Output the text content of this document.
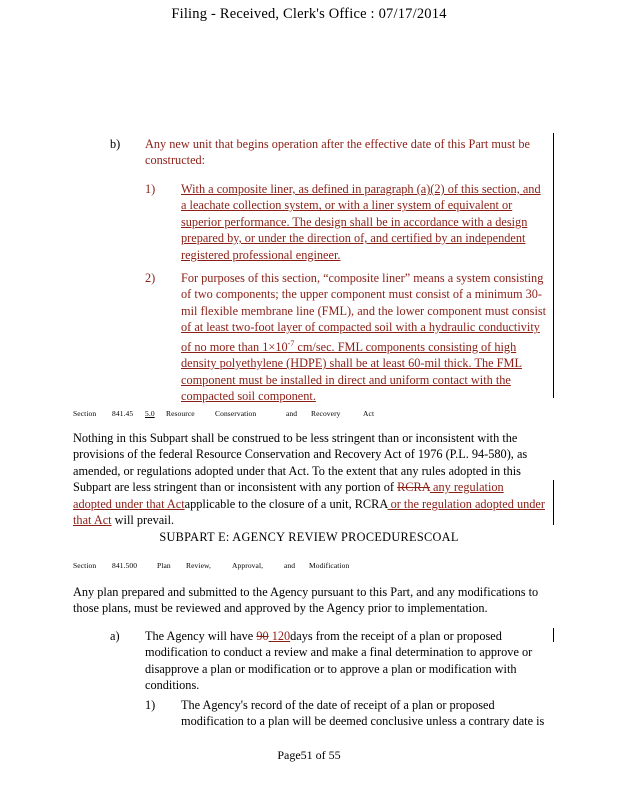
Filing - Received, Clerk's Office : 07/17/2014
b) Any new unit that begins operation after the effective date of this Part must be
constructed:
1) With a composite liner, as defined in paragraph (a)(2) of this section, and
a leachate collection system, or with a liner system of equivalent or
superior performance. The design shall be in accordance with a design
prepared by, or under the direction of, and certified by an independent
registered professional engineer.
2) For purposes of this section, “composite liner” means a system consisting
of two components; the upper component must consist of a minimum 30-
mil flexible membrane line (FML), and the lower component must consist
of at least two-foot layer of compacted soil with a hydraulic conductivity
of no more than $1\times 10^{-7}$ cm/sec. FML components consisting of high
density polyethylene (HDPE) shall be at least 60-mil thick. The FML
component must be installed in direct and uniform contact with the
compacted soil component.
Section 841.45 5.0 Resource	Conservation	and Recovery	Act
Nothing in this Subpart shall be construed to be less stringent than or inconsistent with the
provisions of the federal Resource Conservation and Recovery Act of 1976 (P.L. 94-580), as
amended, or regulations adopted under that Act. To the extent that any rules adopted in this
Subpart are less stringent than or inconsistent with any portion of RCRA any regulation
adopted under that Actapplicable to the closure of a unit, RCRA or the regulation adopted under
that Act will prevail.
SUBPART E: AGENCY REVIEW PROCEDURESCOAL
Section 841.500	Plan Review,	Approval,	and Modification
Any plan prepared and submitted to the Agency pursuant to this Part, and any modifications to
those plans, must be reviewed and approved by the Agency prior to implementation.
a) The Agency will have 90 120days from the receipt of a plan or proposed
modification to conduct a review and make a final determination to approve or
disapprove a plan or modification or to approve a plan or modification with
conditions.
1) The Agency's record of the date of receipt of a plan or proposed
modification to a plan will be deemed conclusive unless a contrary date is
Page51 of 55
